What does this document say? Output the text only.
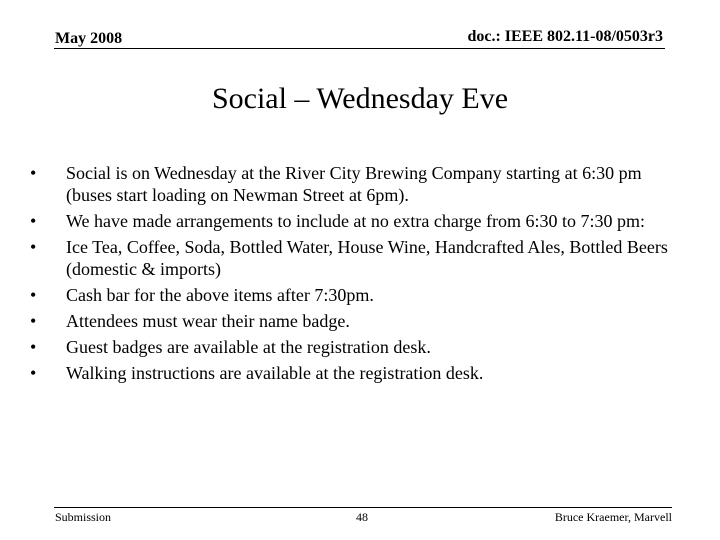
May 2008	doc.: IEEE 802.11-08/0503r3
Social – Wednesday Eve
•	Social is on Wednesday at the River City Brewing Company starting at 6:30 pm (buses start loading on Newman Street at 6pm).
•	We have made arrangements to include at no extra charge from 6:30 to 7:30 pm:
•	Ice Tea, Coffee, Soda, Bottled Water, House Wine, Handcrafted Ales, Bottled Beers (domestic & imports)
•	Cash bar for the above items after 7:30pm.
•	Attendees must wear their name badge.
•	Guest badges are available at the registration desk.
•	Walking instructions are available at the registration desk.
Submission	48	Bruce Kraemer, Marvell
